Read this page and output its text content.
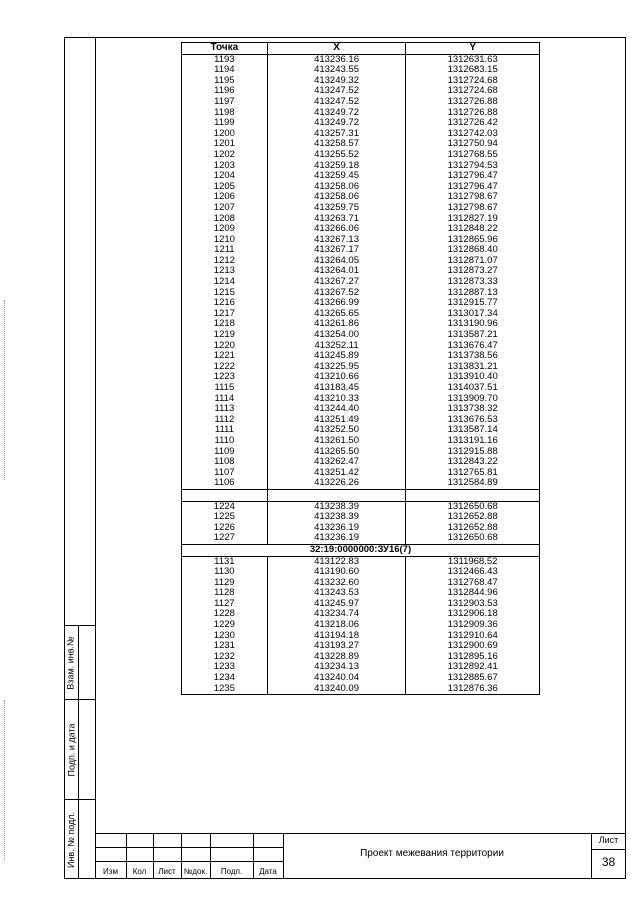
Взам. инв.№
Подп. и дата
Инв. № подл.
Точка	X	Y
1193	413236.16	1312631.63
1194	413243.55	1312683.15
1195	413249.32	1312724.68
1196	413247.52	1312724.68
1197	413247.52	1312726.88
1198	413249.72	1312726.88
1199	413249.72	1312726.42
1200	413257.31	1312742.03
1201	413258.57	1312750.94
1202	413255.52	1312768.55
1203	413259.18	1312794.53
1204	413259.45	1312796.47
1205	413258.06	1312796.47
1206	413258.06	1312798.67
1207	413259.75	1312798.67
1208	413263.71	1312827.19
1209	413266.06	1312848.22
1210	413267.13	1312865.96
1211	413267.17	1312868.40
1212	413264.05	1312871.07
1213	413264.01	1312873.27
1214	413267.27	1312873.33
1215	413267.52	1312887.13
1216	413266.99	1312915.77
1217	413265.65	1313017.34
1218	413261.86	1313190.96
1219	413254.00	1313587.21
1220	413252.11	1313676.47
1221	413245.89	1313738.56
1222	413225.95	1313831.21
1223	413210.66	1313910.40
1115	413183.45	1314037.51
1114	413210.33	1313909.70
1113	413244.40	1313738.32
1112	413251.49	1313676.53
1111	413252.50	1313587.14
1110	413261.50	1313191.16
1109	413265.50	1312915.88
1108	413262.47	1312843.22
1107	413251.42	1312765.81
1106	413226.26	1312584.89

1224	413238.39	1312650.68
1225	413238.39	1312652.88
1226	413236.19	1312652.88
1227	413236.19	1312650.68
32:19:0000000:ЗУ16(7)		
1131	413122.83	1311968.52
1130	413190.60	1312466.43
1129	413232.60	1312768.47
1128	413243.53	1312844.96
1127	413245.97	1312903.53
1228	413234.74	1312906.18
1229	413218.06	1312909.36
1230	413194.18	1312910.64
1231	413193.27	1312900.69
1232	413228.89	1312895.16
1233	413234.13	1312892.41
1234	413240.04	1312885.67
1235	413240.09	1312876.36
Изм	Кол	Лист	№док.	Подп.	Дата
Проект межевания территории
Лист
38
